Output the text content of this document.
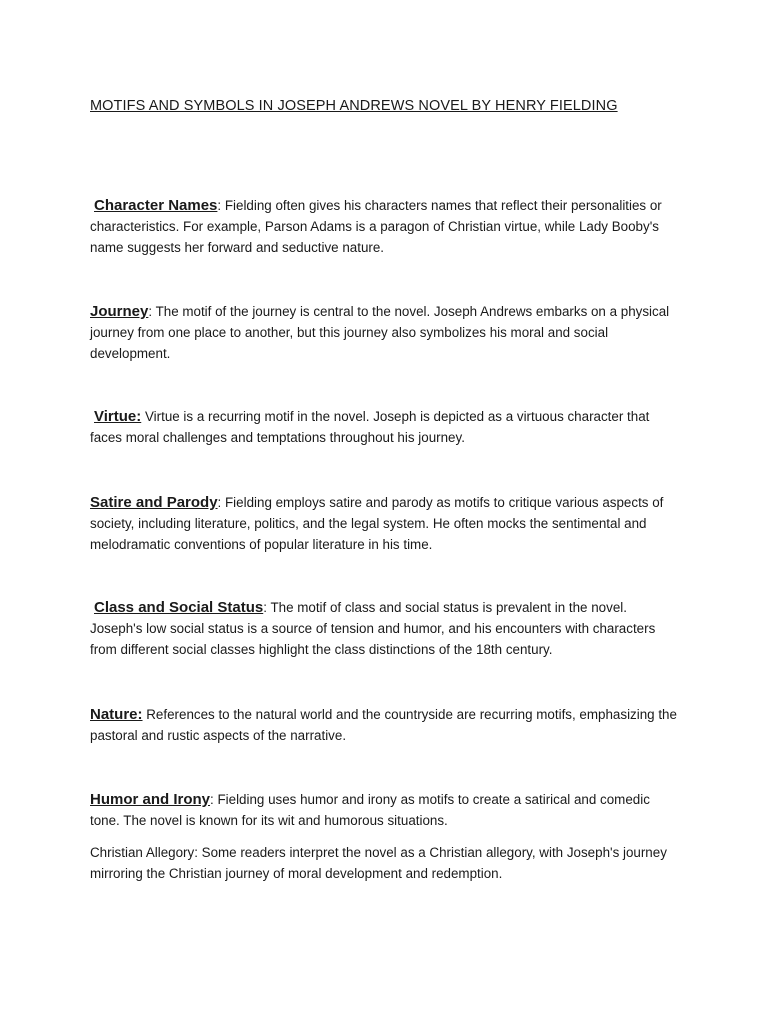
MOTIFS AND SYMBOLS IN JOSEPH ANDREWS NOVEL BY HENRY FIELDING
Character Names: Fielding often gives his characters names that reflect their personalities or characteristics. For example, Parson Adams is a paragon of Christian virtue, while Lady Booby's name suggests her forward and seductive nature.
Journey: The motif of the journey is central to the novel. Joseph Andrews embarks on a physical journey from one place to another, but this journey also symbolizes his moral and social development.
Virtue: Virtue is a recurring motif in the novel. Joseph is depicted as a virtuous character that faces moral challenges and temptations throughout his journey.
Satire and Parody: Fielding employs satire and parody as motifs to critique various aspects of society, including literature, politics, and the legal system. He often mocks the sentimental and melodramatic conventions of popular literature in his time.
Class and Social Status: The motif of class and social status is prevalent in the novel. Joseph's low social status is a source of tension and humor, and his encounters with characters from different social classes highlight the class distinctions of the 18th century.
Nature: References to the natural world and the countryside are recurring motifs, emphasizing the pastoral and rustic aspects of the narrative.
Humor and Irony: Fielding uses humor and irony as motifs to create a satirical and comedic tone. The novel is known for its wit and humorous situations.
Christian Allegory: Some readers interpret the novel as a Christian allegory, with Joseph's journey mirroring the Christian journey of moral development and redemption.
